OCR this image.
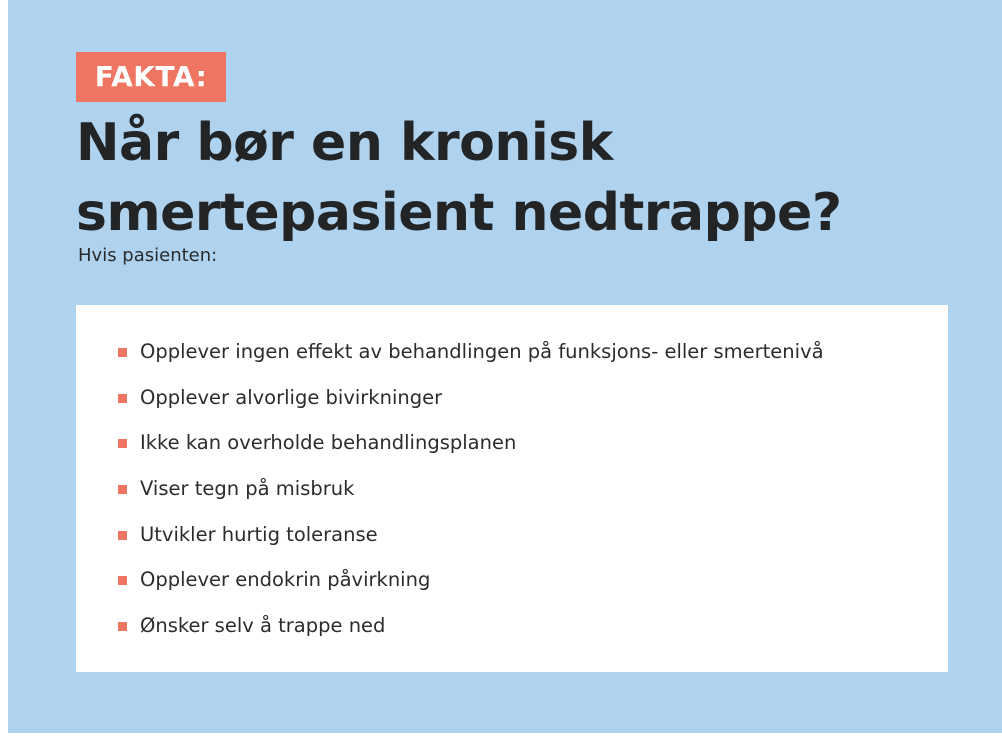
FAKTA:
Når bør en kronisk
smertepasient nedtrappe?
Hvis pasienten:
Opplever ingen effekt av behandlingen på funksjons- eller smertenivå
Opplever alvorlige bivirkninger
Ikke kan overholde behandlingsplanen
Viser tegn på misbruk
Utvikler hurtig toleranse
Opplever endokrin påvirkning
Ønsker selv å trappe ned
